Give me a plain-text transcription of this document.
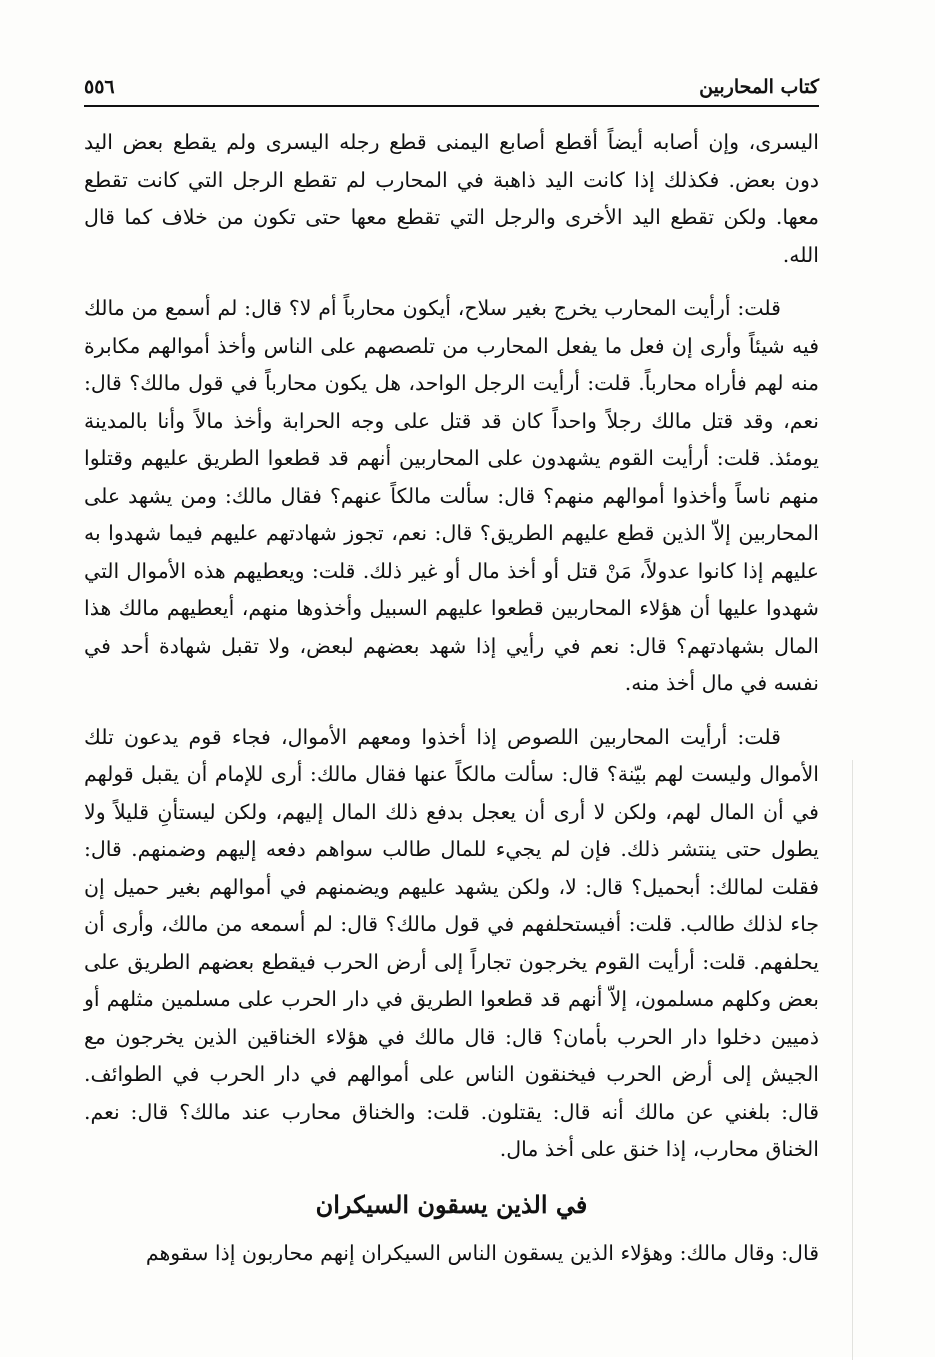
كتاب المحاربين
٥٥٦

اليسرى، وإن أصابه أيضاً أقطع أصابع اليمنى قطع رجله اليسرى ولم يقطع بعض اليد دون بعض. فكذلك إذا كانت اليد ذاهبة في المحارب لم تقطع الرجل التي كانت تقطع معها. ولكن تقطع اليد الأخرى والرجل التي تقطع معها حتى تكون من خلاف كما قال الله.

قلت: أرأيت المحارب يخرج بغير سلاح، أيكون محارباً أم لا؟ قال: لم أسمع من مالك فيه شيئاً وأرى إن فعل ما يفعل المحارب من تلصصهم على الناس وأخذ أموالهم مكابرة منه لهم فأراه محارباً. قلت: أرأيت الرجل الواحد، هل يكون محارباً في قول مالك؟ قال: نعم، وقد قتل مالك رجلاً واحداً كان قد قتل على وجه الحرابة وأخذ مالاً وأنا بالمدينة يومئذ. قلت: أرأيت القوم يشهدون على المحاربين أنهم قد قطعوا الطريق عليهم وقتلوا منهم ناساً وأخذوا أموالهم منهم؟ قال: سألت مالكاً عنهم؟ فقال مالك: ومن يشهد على المحاربين إلاّ الذين قطع عليهم الطريق؟ قال: نعم، تجوز شهادتهم عليهم فيما شهدوا به عليهم إذا كانوا عدولاً، مَنْ قتل أو أخذ مال أو غير ذلك. قلت: ويعطيهم هذه الأموال التي شهدوا عليها أن هؤلاء المحاربين قطعوا عليهم السبيل وأخذوها منهم، أيعطيهم مالك هذا المال بشهادتهم؟ قال: نعم في رأيي إذا شهد بعضهم لبعض، ولا تقبل شهادة أحد في نفسه في مال أخذ منه.

قلت: أرأيت المحاربين اللصوص إذا أخذوا ومعهم الأموال، فجاء قوم يدعون تلك الأموال وليست لهم بيّنة؟ قال: سألت مالكاً عنها فقال مالك: أرى للإمام أن يقبل قولهم في أن المال لهم، ولكن لا أرى أن يعجل بدفع ذلك المال إليهم، ولكن ليستأنِ قليلاً ولا يطول حتى ينتشر ذلك. فإن لم يجيء للمال طالب سواهم دفعه إليهم وضمنهم. قال: فقلت لمالك: أبحميل؟ قال: لا، ولكن يشهد عليهم ويضمنهم في أموالهم بغير حميل إن جاء لذلك طالب. قلت: أفيستحلفهم في قول مالك؟ قال: لم أسمعه من مالك، وأرى أن يحلفهم. قلت: أرأيت القوم يخرجون تجاراً إلى أرض الحرب فيقطع بعضهم الطريق على بعض وكلهم مسلمون، إلاّ أنهم قد قطعوا الطريق في دار الحرب على مسلمين مثلهم أو ذميين دخلوا دار الحرب بأمان؟ قال: قال مالك في هؤلاء الخناقين الذين يخرجون مع الجيش إلى أرض الحرب فيخنقون الناس على أموالهم في دار الحرب في الطوائف. قال: بلغني عن مالك أنه قال: يقتلون. قلت: والخناق محارب عند مالك؟ قال: نعم. الخناق محارب، إذا خنق على أخذ مال.

في الذين يسقون السيكران

قال: وقال مالك: وهؤلاء الذين يسقون الناس السيكران إنهم محاربون إذا سقوهم
